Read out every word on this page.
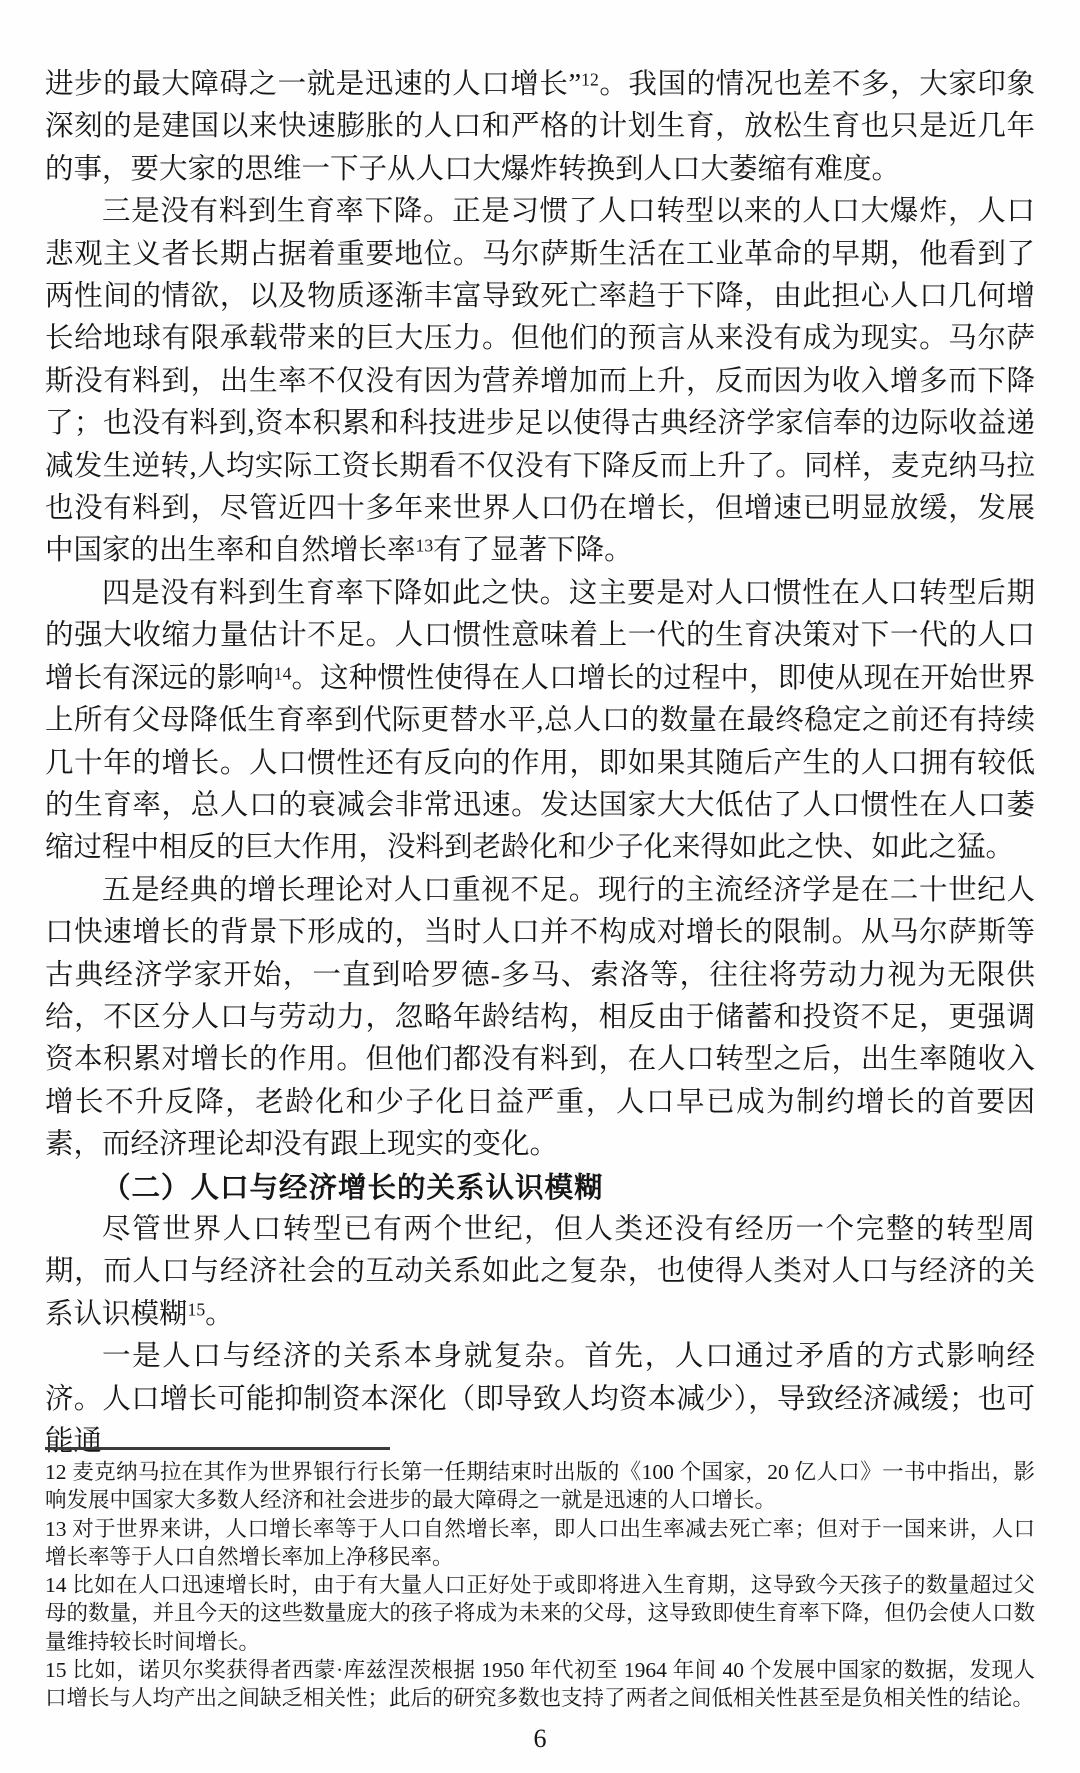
进步的最大障碍之一就是迅速的人口增长”$^{12}$。我国的情况也差不多，大家印象深刻的是建国以来快速膨胀的人口和严格的计划生育，放松生育也只是近几年的事，要大家的思维一下子从人口大爆炸转换到人口大萎缩有难度。
三是没有料到生育率下降。正是习惯了人口转型以来的人口大爆炸，人口悲观主义者长期占据着重要地位。马尔萨斯生活在工业革命的早期，他看到了两性间的情欲，以及物质逐渐丰富导致死亡率趋于下降，由此担心人口几何增长给地球有限承载带来的巨大压力。但他们的预言从来没有成为现实。马尔萨斯没有料到，出生率不仅没有因为营养增加而上升，反而因为收入增多而下降了；也没有料到,资本积累和科技进步足以使得古典经济学家信奉的边际收益递减发生逆转,人均实际工资长期看不仅没有下降反而上升了。同样，麦克纳马拉也没有料到，尽管近四十多年来世界人口仍在增长，但增速已明显放缓，发展中国家的出生率和自然增长率$^{13}$有了显著下降。
四是没有料到生育率下降如此之快。这主要是对人口惯性在人口转型后期的强大收缩力量估计不足。人口惯性意味着上一代的生育决策对下一代的人口增长有深远的影响$^{14}$。这种惯性使得在人口增长的过程中，即使从现在开始世界上所有父母降低生育率到代际更替水平,总人口的数量在最终稳定之前还有持续几十年的增长。人口惯性还有反向的作用，即如果其随后产生的人口拥有较低的生育率，总人口的衰减会非常迅速。发达国家大大低估了人口惯性在人口萎缩过程中相反的巨大作用，没料到老龄化和少子化来得如此之快、如此之猛。
五是经典的增长理论对人口重视不足。现行的主流经济学是在二十世纪人口快速增长的背景下形成的，当时人口并不构成对增长的限制。从马尔萨斯等古典经济学家开始，一直到哈罗德-多马、索洛等，往往将劳动力视为无限供给，不区分人口与劳动力，忽略年龄结构，相反由于储蓄和投资不足，更强调资本积累对增长的作用。但他们都没有料到，在人口转型之后，出生率随收入增长不升反降，老龄化和少子化日益严重，人口早已成为制约增长的首要因素，而经济理论却没有跟上现实的变化。
（二）人口与经济增长的关系认识模糊
尽管世界人口转型已有两个世纪，但人类还没有经历一个完整的转型周期，而人口与经济社会的互动关系如此之复杂，也使得人类对人口与经济的关系认识模糊$^{15}$。
一是人口与经济的关系本身就复杂。首先，人口通过矛盾的方式影响经济。人口增长可能抑制资本深化（即导致人均资本减少），导致经济减缓；也可能通
12 麦克纳马拉在其作为世界银行行长第一任期结束时出版的《100 个国家，20 亿人口》一书中指出，影响发展中国家大多数人经济和社会进步的最大障碍之一就是迅速的人口增长。
13 对于世界来讲，人口增长率等于人口自然增长率，即人口出生率减去死亡率；但对于一国来讲，人口增长率等于人口自然增长率加上净移民率。
14 比如在人口迅速增长时，由于有大量人口正好处于或即将进入生育期，这导致今天孩子的数量超过父母的数量，并且今天的这些数量庞大的孩子将成为未来的父母，这导致即使生育率下降，但仍会使人口数量维持较长时间增长。
15 比如，诺贝尔奖获得者西蒙·库兹涅茨根据 1950 年代初至 1964 年间 40 个发展中国家的数据，发现人口增长与人均产出之间缺乏相关性；此后的研究多数也支持了两者之间低相关性甚至是负相关性的结论。
6
